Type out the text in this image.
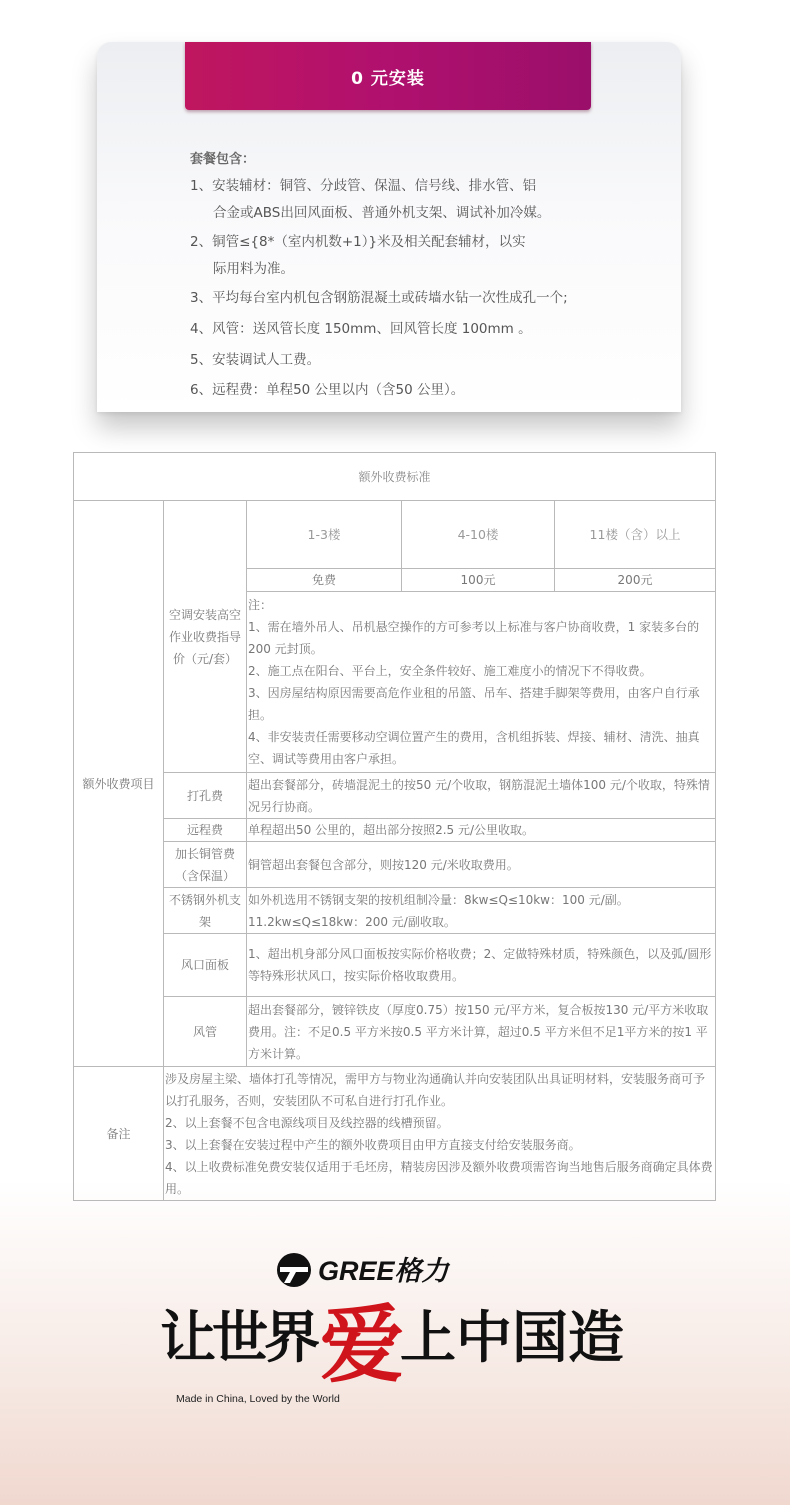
0 元安装
套餐包含：
1、安装辅材：铜管、分歧管、保温、信号线、排水管、铝
合金或ABS出回风面板、普通外机支架、调试补加冷媒。
2、铜管≤{8*（室内机数+1）}米及相关配套辅材，以实
际用料为准。
3、平均每台室内机包含钢筋混凝土或砖墙水钻一次性成孔一个;
4、风管：送风管长度 150mm、回风管长度 100mm 。
5、安装调试人工费。
6、远程费：单程50 公里以内（含50 公里）。
额外收费标准				
额外收费项目	空调安装高空作业收费指导价（元/套）	1-3楼	4-10楼	11楼（含）以上
		免费	100元	200元

		注：
1、需在墙外吊人、吊机悬空操作的方可参考以上标准与客户协商收费，1 家装多台的200 元封顶。
2、施工点在阳台、平台上，安全条件较好、施工难度小的情况下不得收费。
3、因房屋结构原因需要高危作业租的吊篮、吊车、搭建手脚架等费用，由客户自行承担。
4、非安装责任需要移动空调位置产生的费用，含机组拆装、焊接、辅材、清洗、抽真空、调试等费用由客户承担。		

	打孔费	超出套餐部分，砖墙混泥土的按50 元/个收取，钢筋混泥土墙体100 元/个收取，特殊情况另行协商。		
	远程费	单程超出50 公里的，超出部分按照2.5 元/公里收取。		
	加长铜管费（含保温）	铜管超出套餐包含部分，则按120 元/米收取费用。		
	不锈钢外机支架	如外机选用不锈钢支架的按机组制冷量：8kw≤Q≤10kw：100 元/副。11.2kw≤Q≤18kw：200 元/副收取。		
	风口面板	1、超出机身部分风口面板按实际价格收费；2、定做特殊材质，特殊颜色，以及弧/圆形等特殊形状风口，按实际价格收取费用。		
	风管	超出套餐部分，镀锌铁皮（厚度0.75）按150 元/平方米，复合板按130 元/平方米收取费用。注：不足0.5 平方米按0.5 平方米计算，超过0.5 平方米但不足1平方米的按1 平方米计算。		

备注	涉及房屋主梁、墙体打孔等情况，需甲方与物业沟通确认并向安装团队出具证明材料，安装服务商可予以打孔服务，否则，安装团队不可私自进行打孔作业。
2、以上套餐不包含电源线项目及线控器的线槽预留。
3、以上套餐在安装过程中产生的额外收费项目由甲方直接支付给安装服务商。
4、以上收费标准免费安装仅适用于毛坯房，精装房因涉及额外收费项需咨询当地售后服务商确定具体费用。			
GREE格力
让
世
界 爱
上 中 国 造
Made in China, Loved by the World
